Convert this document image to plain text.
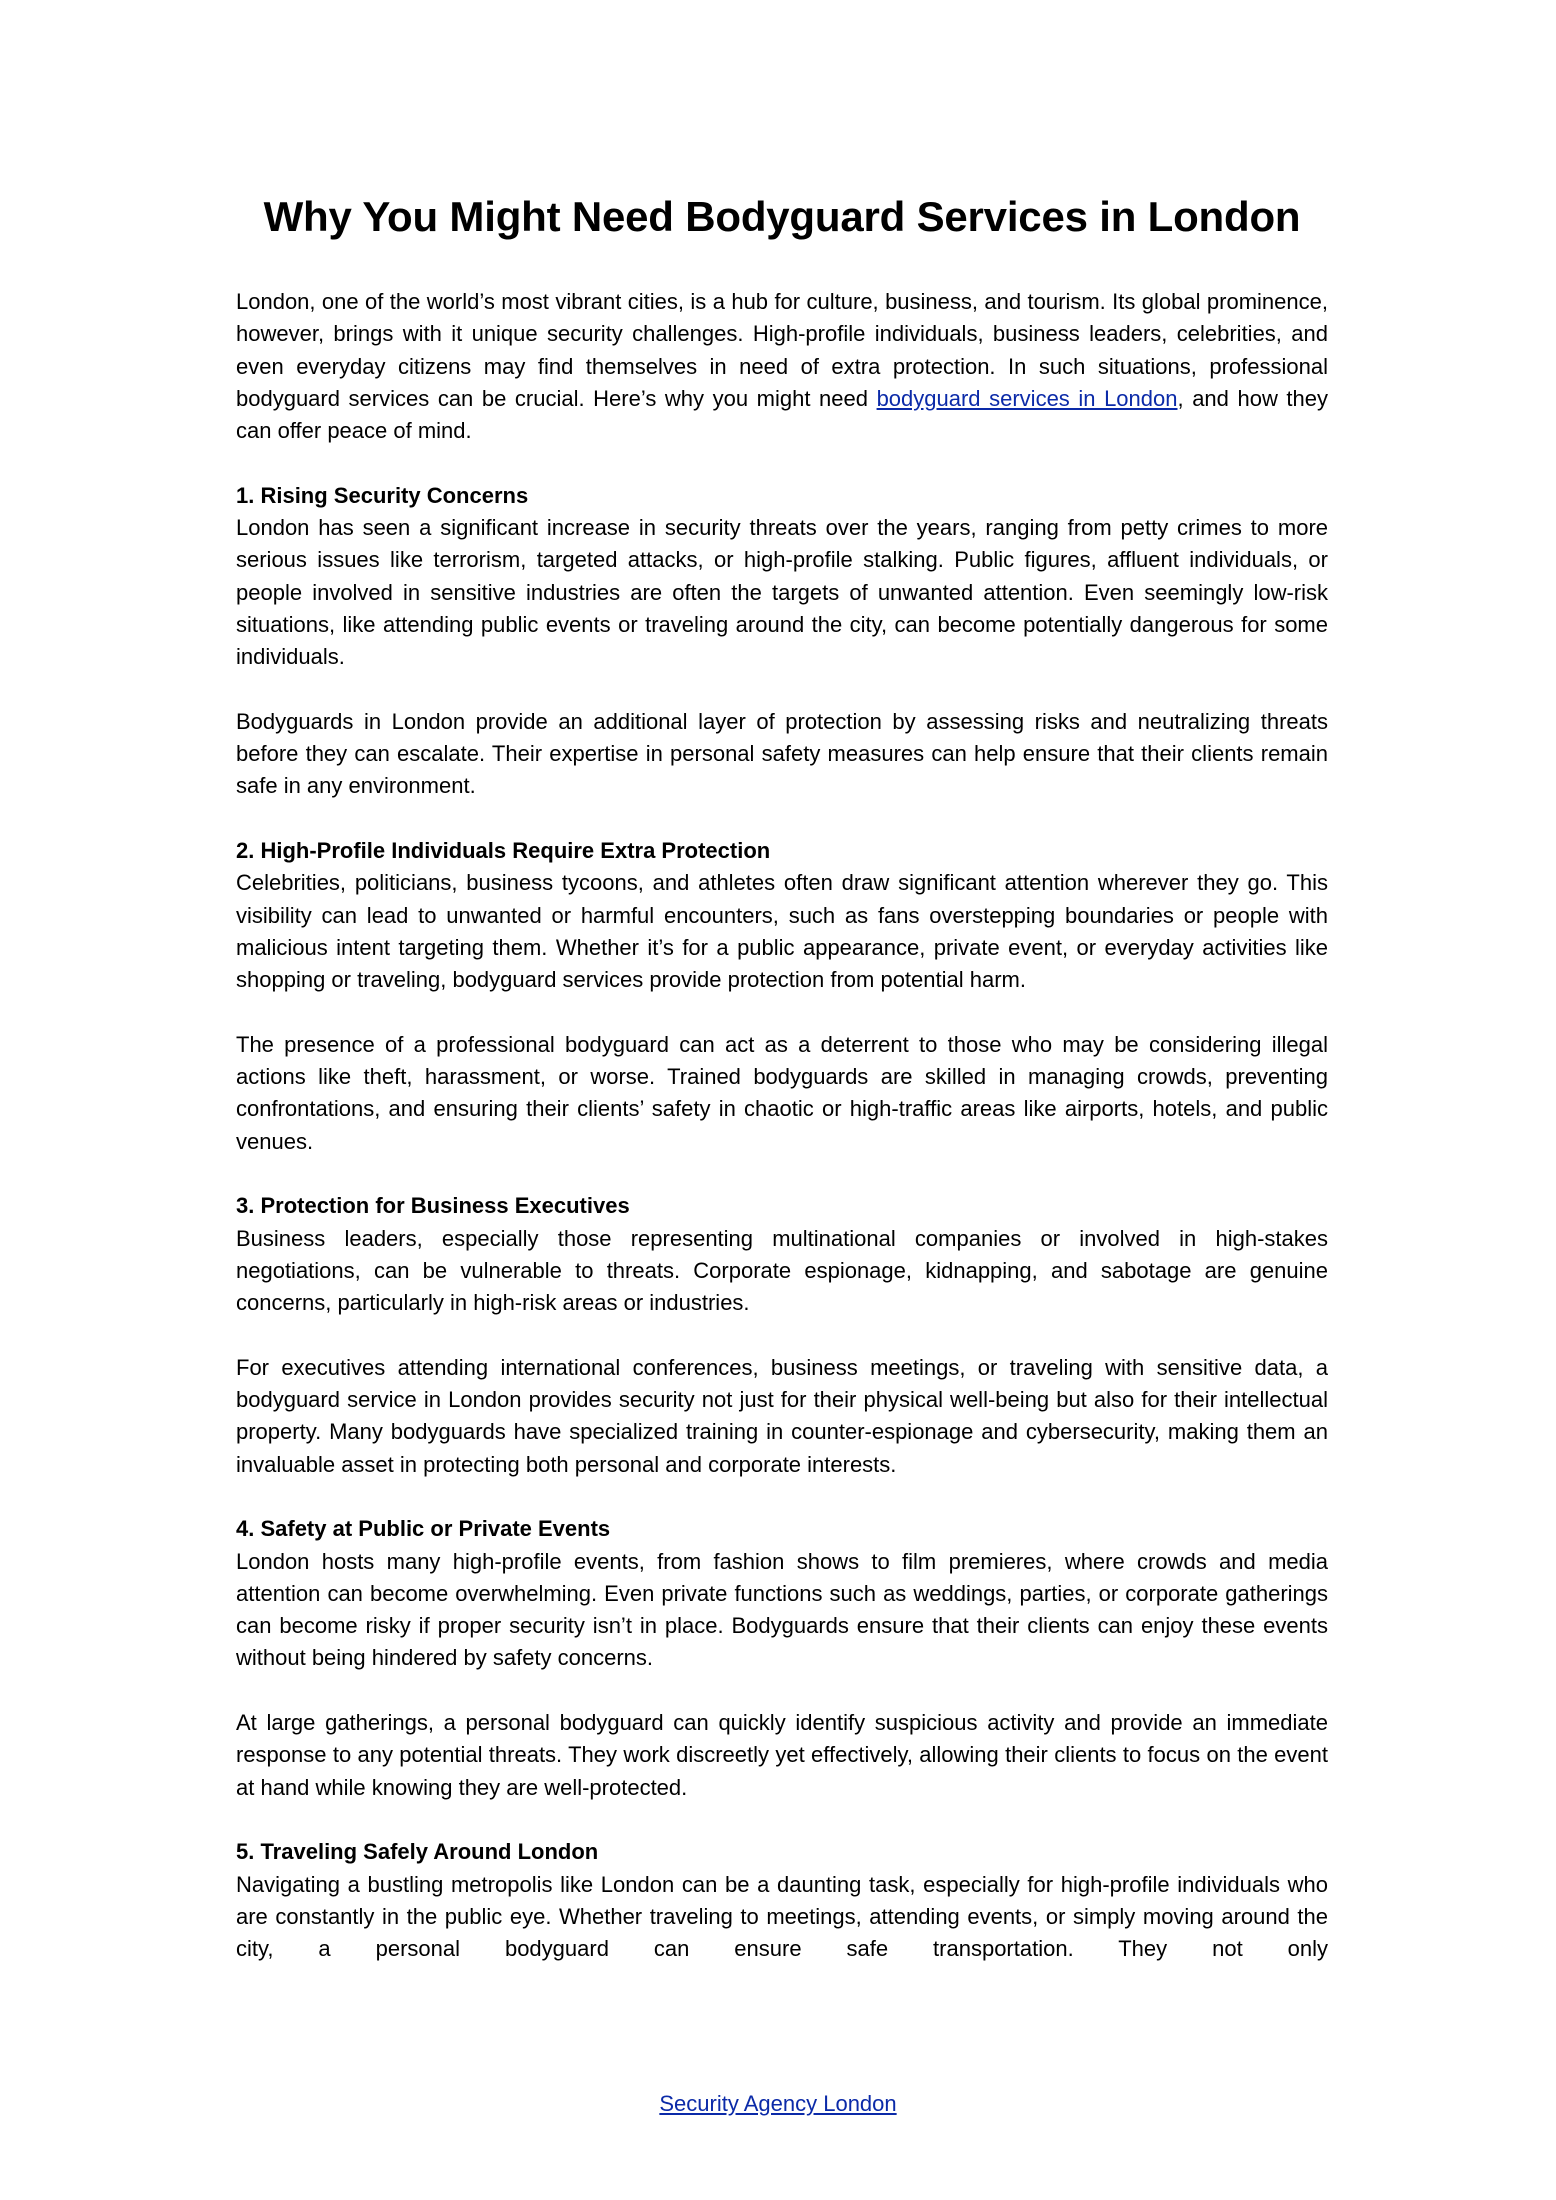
Why You Might Need Bodyguard Services in London

London, one of the world’s most vibrant cities, is a hub for culture, business, and tourism. Its global prominence, however, brings with it unique security challenges. High-profile individuals, business leaders, celebrities, and even everyday citizens may find themselves in need of extra protection. In such situations, professional bodyguard services can be crucial. Here’s why you might need bodyguard services in London, and how they can offer peace of mind.

1. Rising Security Concerns

London has seen a significant increase in security threats over the years, ranging from petty crimes to more serious issues like terrorism, targeted attacks, or high-profile stalking. Public figures, affluent individuals, or people involved in sensitive industries are often the targets of unwanted attention. Even seemingly low-risk situations, like attending public events or traveling around the city, can become potentially dangerous for some individuals.

Bodyguards in London provide an additional layer of protection by assessing risks and neutralizing threats before they can escalate. Their expertise in personal safety measures can help ensure that their clients remain safe in any environment.

2. High-Profile Individuals Require Extra Protection

Celebrities, politicians, business tycoons, and athletes often draw significant attention wherever they go. This visibility can lead to unwanted or harmful encounters, such as fans overstepping boundaries or people with malicious intent targeting them. Whether it’s for a public appearance, private event, or everyday activities like shopping or traveling, bodyguard services provide protection from potential harm.

The presence of a professional bodyguard can act as a deterrent to those who may be considering illegal actions like theft, harassment, or worse. Trained bodyguards are skilled in managing crowds, preventing confrontations, and ensuring their clients’ safety in chaotic or high-traffic areas like airports, hotels, and public venues.

3. Protection for Business Executives

Business leaders, especially those representing multinational companies or involved in high-stakes negotiations, can be vulnerable to threats. Corporate espionage, kidnapping, and sabotage are genuine concerns, particularly in high-risk areas or industries.

For executives attending international conferences, business meetings, or traveling with sensitive data, a bodyguard service in London provides security not just for their physical well-being but also for their intellectual property. Many bodyguards have specialized training in counter-espionage and cybersecurity, making them an invaluable asset in protecting both personal and corporate interests.

4. Safety at Public or Private Events

London hosts many high-profile events, from fashion shows to film premieres, where crowds and media attention can become overwhelming. Even private functions such as weddings, parties, or corporate gatherings can become risky if proper security isn’t in place. Bodyguards ensure that their clients can enjoy these events without being hindered by safety concerns.

At large gatherings, a personal bodyguard can quickly identify suspicious activity and provide an immediate response to any potential threats. They work discreetly yet effectively, allowing their clients to focus on the event at hand while knowing they are well-protected.

5. Traveling Safely Around London

Navigating a bustling metropolis like London can be a daunting task, especially for high-profile individuals who are constantly in the public eye. Whether traveling to meetings, attending events, or simply moving around the city, a personal bodyguard can ensure safe transportation. They not only

Security Agency London
